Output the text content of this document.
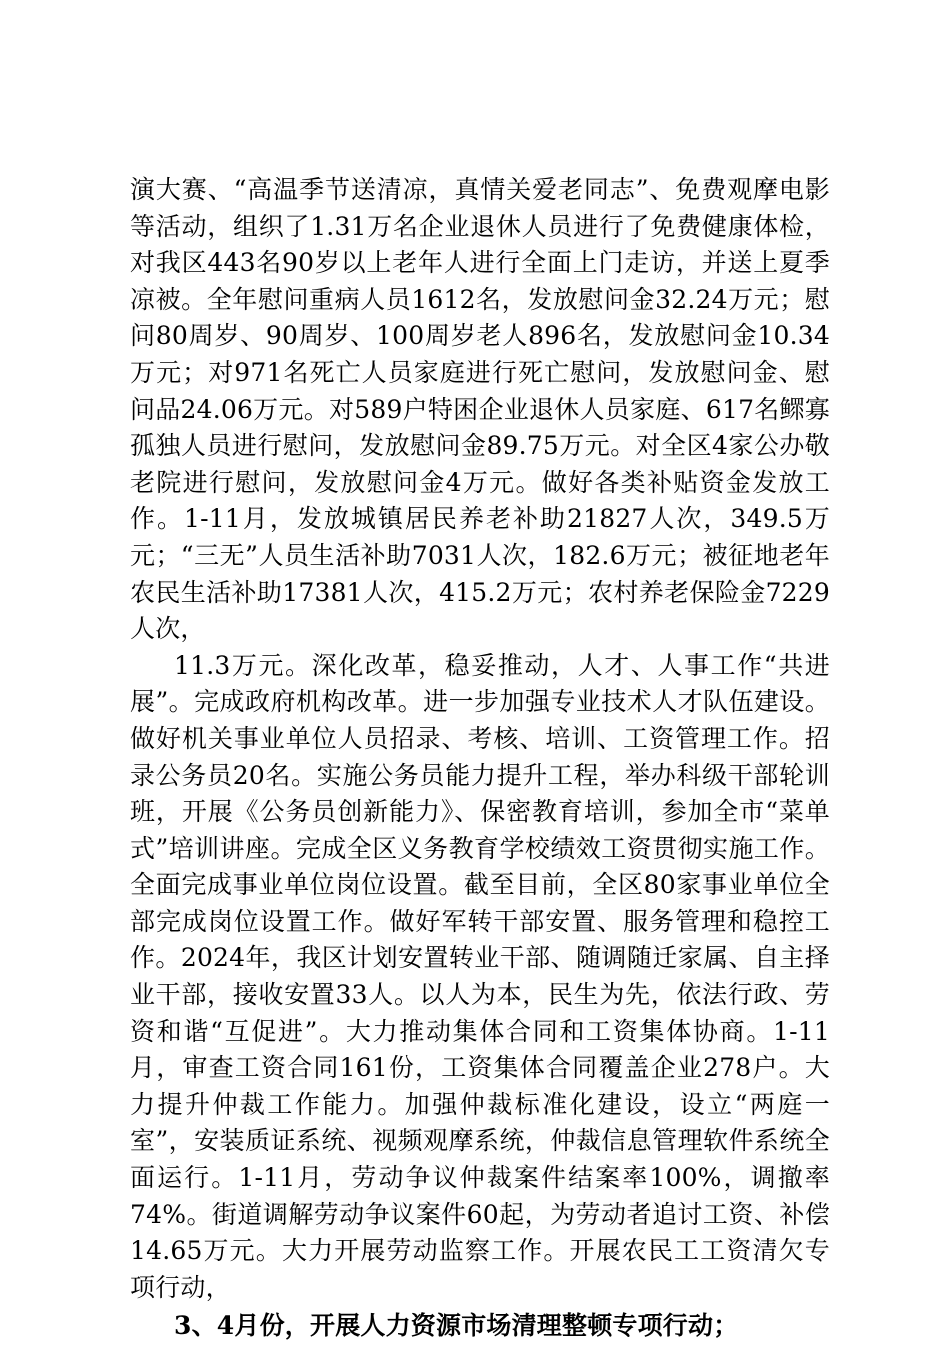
演大赛、“高温季节送清凉，真情关爱老同志”、免费观摩电影等活动，组织了1.31万名企业退休人员进行了免费健康体检，对我区443名90岁以上老年人进行全面上门走访，并送上夏季凉被。全年慰问重病人员1612名，发放慰问金32.24万元；慰问80周岁、90周岁、100周岁老人896名，发放慰问金10.34万元；对971名死亡人员家庭进行死亡慰问，发放慰问金、慰问品24.06万元。对589户特困企业退休人员家庭、617名鳏寡孤独人员进行慰问，发放慰问金89.75万元。对全区4家公办敬老院进行慰问，发放慰问金4万元。做好各类补贴资金发放工作。1-11月，发放城镇居民养老补助21827人次，349.5万元；“三无”人员生活补助7031人次，182.6万元；被征地老年农民生活补助17381人次，415.2万元；农村养老保险金7229人次，

11.3万元。深化改革，稳妥推动，人才、人事工作“共进展”。完成政府机构改革。进一步加强专业技术人才队伍建设。做好机关事业单位人员招录、考核、培训、工资管理工作。招录公务员20名。实施公务员能力提升工程，举办科级干部轮训班，开展《公务员创新能力》、保密教育培训，参加全市“菜单式”培训讲座。完成全区义务教育学校绩效工资贯彻实施工作。全面完成事业单位岗位设置。截至目前，全区80家事业单位全部完成岗位设置工作。做好军转干部安置、服务管理和稳控工作。2024年，我区计划安置转业干部、随调随迁家属、自主择业干部，接收安置33人。以人为本，民生为先，依法行政、劳资和谐“互促进”。大力推动集体合同和工资集体协商。1-11月，审查工资合同161份，工资集体合同覆盖企业278户。大力提升仲裁工作能力。加强仲裁标准化建设，设立“两庭一室”，安装质证系统、视频观摩系统，仲裁信息管理软件系统全面运行。1-11月，劳动争议仲裁案件结案率100%，调撤率74%。街道调解劳动争议案件60起，为劳动者追讨工资、补偿14.65万元。大力开展劳动监察工作。开展农民工工资清欠专项行动，

3、4月份，开展人力资源市场清理整顿专项行动；
